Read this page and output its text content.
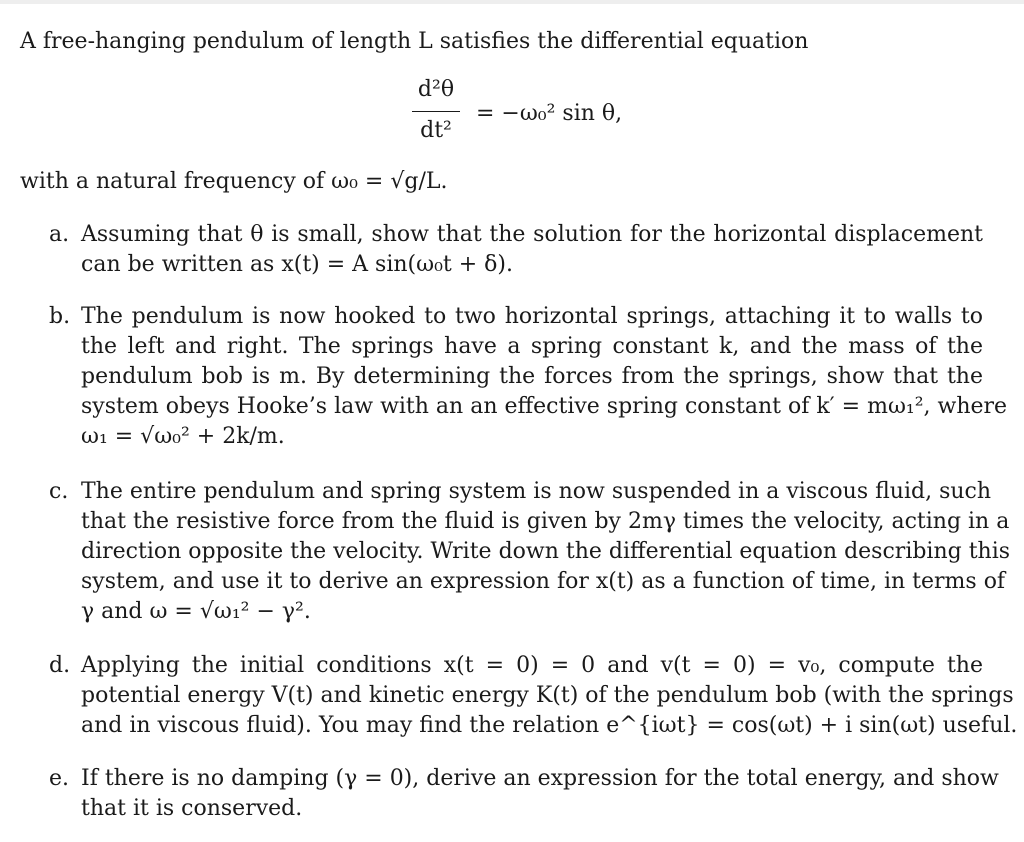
A free-hanging pendulum of length L satisfies the differential equation
d²θ
dt²
= −ω₀² sin θ,
with a natural frequency of ω₀ = √g/L.
a. Assuming that θ is small, show that the solution for the horizontal displacement
can be written as x(t) = A sin(ω₀t + δ).
b. The pendulum is now hooked to two horizontal springs, attaching it to walls to
the left and right. The springs have a spring constant k, and the mass of the
pendulum bob is m. By determining the forces from the springs, show that the
system obeys Hooke’s law with an an effective spring constant of k′ = mω₁², where
ω₁ = √ω₀² + 2k/m.
c. The entire pendulum and spring system is now suspended in a viscous fluid, such
that the resistive force from the fluid is given by 2mγ times the velocity, acting in a
direction opposite the velocity. Write down the differential equation describing this
system, and use it to derive an expression for x(t) as a function of time, in terms of
γ and ω = √ω₁² − γ².
d. Applying the initial conditions x(t = 0) = 0 and v(t = 0) = v₀, compute the
potential energy V(t) and kinetic energy K(t) of the pendulum bob (with the springs
and in viscous fluid). You may find the relation e^{iωt} = cos(ωt) + i sin(ωt) useful.
e. If there is no damping (γ = 0), derive an expression for the total energy, and show
that it is conserved.
